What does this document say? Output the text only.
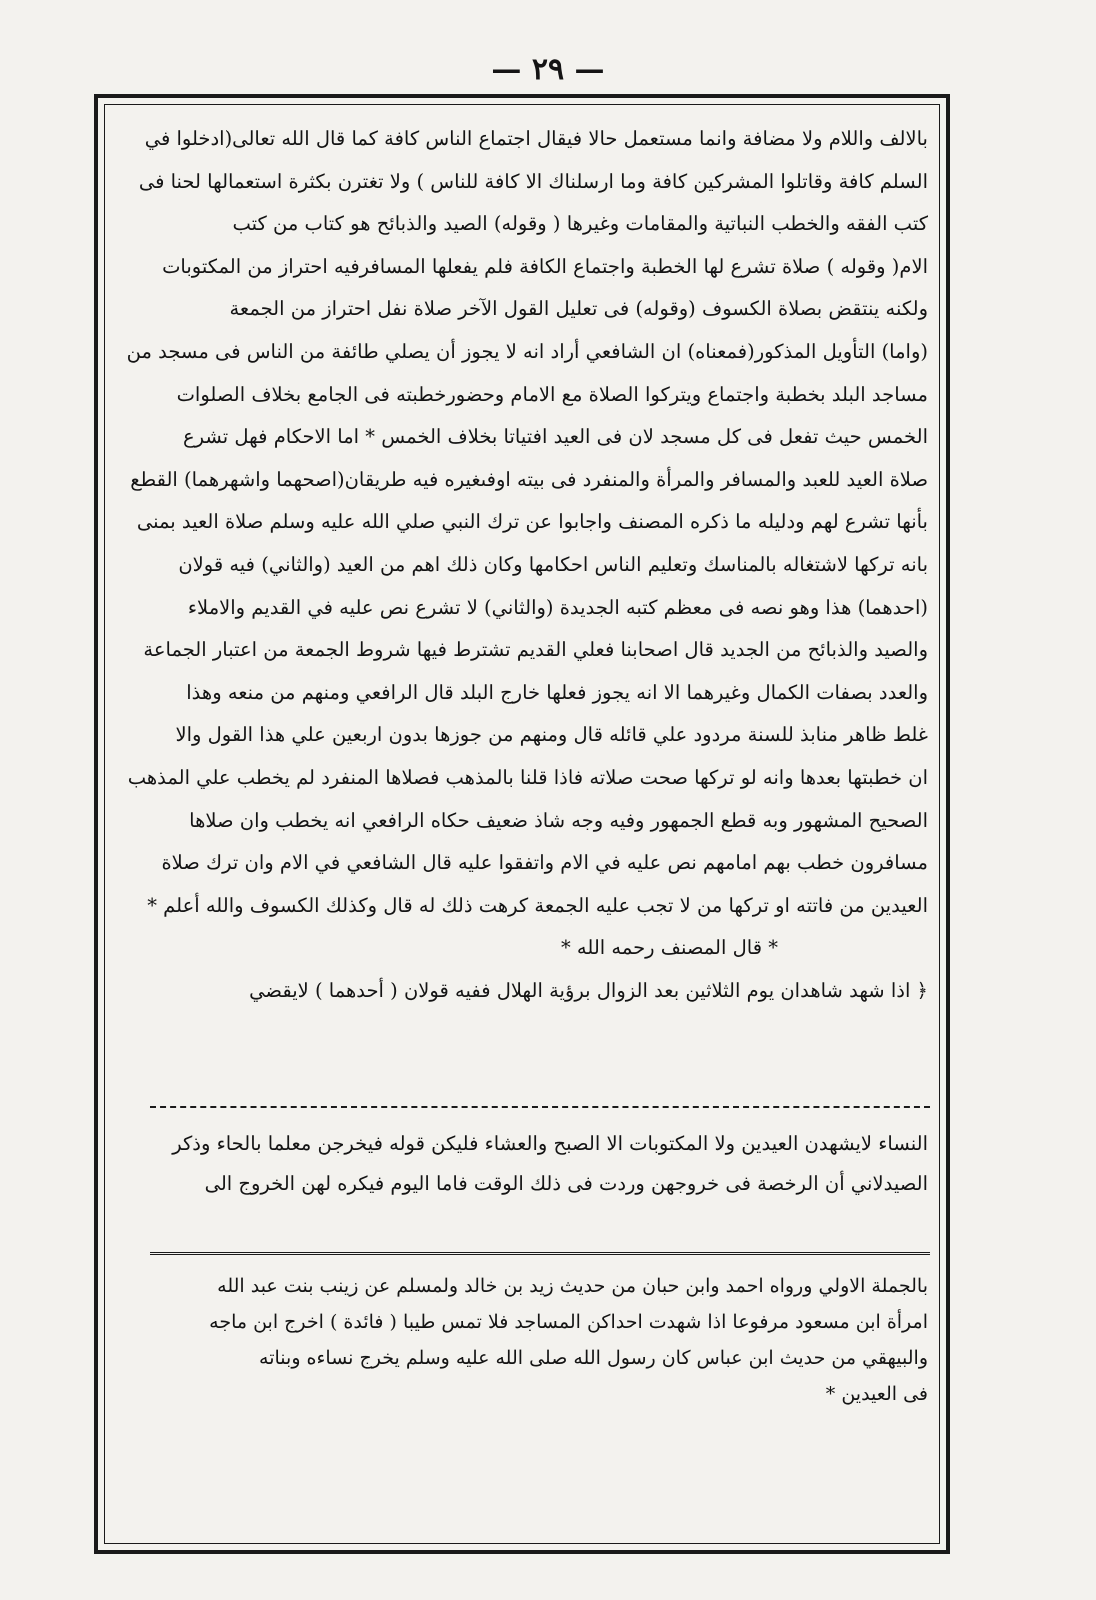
— ٢٩ —

بالالف واللام ولا مضافة وانما مستعمل حالا فيقال اجتماع الناس كافة كما قال الله تعالى(ادخلوا في

السلم كافة وقاتلوا المشركين كافة وما ارسلناك الا كافة للناس ) ولا تغترن بكثرة استعمالها لحنا فى

كتب الفقه والخطب النباتية والمقامات وغيرها ( وقوله) الصيد والذبائح هو كتاب من كتب

الام( وقوله ) صلاة تشرع لها الخطبة واجتماع الكافة فلم يفعلها المسافرفيه احتراز من المكتوبات

ولكنه ينتقض بصلاة الكسوف (وقوله) فى تعليل القول الآخر صلاة نفل احتراز من الجمعة

(واما) التأويل المذكور(فمعناه) ان الشافعي أراد انه لا يجوز أن يصلي طائفة من الناس فى مسجد من

مساجد البلد بخطبة واجتماع ويتركوا الصلاة مع الامام وحضورخطبته فى الجامع بخلاف الصلوات

الخمس حيث تفعل فى كل مسجد لان فى العيد افتياتا بخلاف الخمس * اما الاحكام فهل تشرع

صلاة العيد للعبد والمسافر والمرأة والمنفرد فى بيته اوفىغيره فيه طريقان(اصحهما واشهرهما) القطع

بأنها تشرع لهم ودليله ما ذكره المصنف واجابوا عن ترك النبي صلي الله عليه وسلم صلاة العيد بمنى

بانه تركها لاشتغاله بالمناسك وتعليم الناس احكامها وكان ذلك اهم من العيد (والثاني) فيه قولان

(احدهما) هذا وهو نصه فى معظم كتبه الجديدة (والثاني) لا تشرع نص عليه في القديم والاملاء

والصيد والذبائح من الجديد قال اصحابنا فعلي القديم تشترط فيها شروط الجمعة من اعتبار الجماعة

والعدد بصفات الكمال وغيرهما الا انه يجوز فعلها خارج البلد قال الرافعي ومنهم من منعه وهذا

غلط ظاهر منابذ للسنة مردود علي قائله قال ومنهم من جوزها بدون اربعين علي هذا القول والا

ان خطبتها بعدها وانه لو تركها صحت صلاته فاذا قلنا بالمذهب فصلاها المنفرد لم يخطب علي المذهب

الصحيح المشهور وبه قطع الجمهور وفيه وجه شاذ ضعيف حكاه الرافعي انه يخطب وان صلاها

مسافرون خطب بهم امامهم نص عليه في الام واتفقوا عليه قال الشافعي في الام وان ترك صلاة

العيدين من فاتته او تركها من لا تجب عليه الجمعة كرهت ذلك له قال وكذلك الكسوف والله أعلم *

* قال المصنف رحمه الله *

﴿ اذا شهد شاهدان يوم الثلاثين بعد الزوال برؤية الهلال ففيه قولان ( أحدهما ) لايقضي

النساء لايشهدن العيدين ولا المكتوبات الا الصبح والعشاء فليكن قوله فيخرجن معلما بالحاء وذكر

الصيدلاني أن الرخصة فى خروجهن وردت فى ذلك الوقت فاما اليوم فيكره لهن الخروج الى

بالجملة الاولي ورواه احمد وابن حبان من حديث زيد بن خالد ولمسلم عن زينب بنت عبد الله

امرأة ابن مسعود مرفوعا اذا شهدت احداكن المساجد فلا تمس طيبا ( فائدة ) اخرج ابن ماجه

والبيهقي من حديث ابن عباس كان رسول الله صلى الله عليه وسلم يخرج نساءه وبناته

فى العيدين *
